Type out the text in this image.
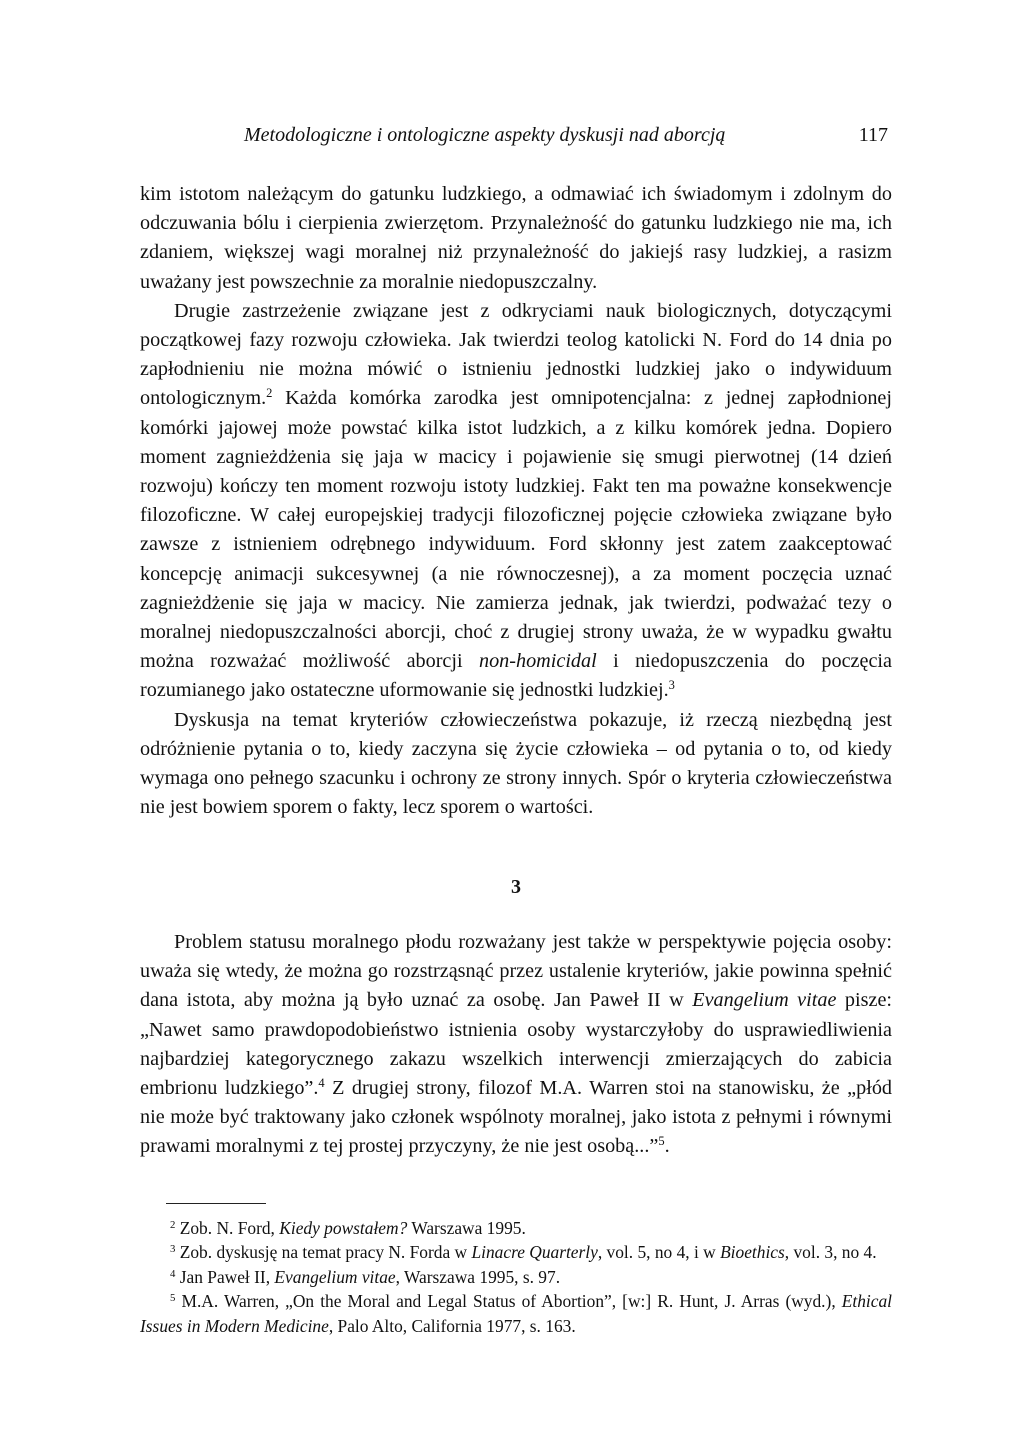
Metodologiczne i ontologiczne aspekty dyskusji nad aborcją	117

kim istotom należącym do gatunku ludzkiego, a odmawiać ich świadomym i zdolnym do odczuwania bólu i cierpienia zwierzętom. Przynależność do gatunku ludzkiego nie ma, ich zdaniem, większej wagi moralnej niż przynależność do jakiejś rasy ludzkiej, a rasizm uważany jest powszechnie za moralnie niedopuszczalny.

Drugie zastrzeżenie związane jest z odkryciami nauk biologicznych, dotyczącymi początkowej fazy rozwoju człowieka. Jak twierdzi teolog katolicki N. Ford do 14 dnia po zapłodnieniu nie można mówić o istnieniu jednostki ludzkiej jako o indywiduum ontologicznym.$^2$ Każda komórka zarodka jest omnipotencjalna: z jednej zapłodnionej komórki jajowej może powstać kilka istot ludzkich, a z kilku komórek jedna. Dopiero moment zagnieżdżenia się jaja w macicy i pojawienie się smugi pierwotnej (14 dzień rozwoju) kończy ten moment rozwoju istoty ludzkiej. Fakt ten ma poważne konsekwencje filozoficzne. W całej europejskiej tradycji filozoficznej pojęcie człowieka związane było zawsze z istnieniem odrębnego indywiduum. Ford skłonny jest zatem zaakceptować koncepcję animacji sukcesywnej (a nie równoczesnej), a za moment poczęcia uznać zagnieżdżenie się jaja w macicy. Nie zamierza jednak, jak twierdzi, podważać tezy o moralnej niedopuszczalności aborcji, choć z drugiej strony uważa, że w wypadku gwałtu można rozważać możliwość aborcji non-homicidal i niedopuszczenia do poczęcia rozumianego jako ostateczne uformowanie się jednostki ludzkiej.$^3$

Dyskusja na temat kryteriów człowieczeństwa pokazuje, iż rzeczą niezbędną jest odróżnienie pytania o to, kiedy zaczyna się życie człowieka – od pytania o to, od kiedy wymaga ono pełnego szacunku i ochrony ze strony innych. Spór o kryteria człowieczeństwa nie jest bowiem sporem o fakty, lecz sporem o wartości.

3

Problem statusu moralnego płodu rozważany jest także w perspektywie pojęcia osoby: uważa się wtedy, że można go rozstrząsnąć przez ustalenie kryteriów, jakie powinna spełnić dana istota, aby można ją było uznać za osobę. Jan Paweł II w Evangelium vitae pisze: „Nawet samo prawdopodobieństwo istnienia osoby wystarczyłoby do usprawiedliwienia najbardziej kategorycznego zakazu wszelkich interwencji zmierzających do zabicia embrionu ludzkiego”.$^4$ Z drugiej strony, filozof M.A. Warren stoi na stanowisku, że „płód nie może być traktowany jako członek wspólnoty moralnej, jako istota z pełnymi i równymi prawami moralnymi z tej prostej przyczyny, że nie jest osobą...”$^5$.

$^2$ Zob. N. Ford, Kiedy powstałem? Warszawa 1995.

$^3$ Zob. dyskusję na temat pracy N. Forda w Linacre Quarterly, vol. 5, no 4, i w Bioethics, vol. 3, no 4.

$^4$ Jan Paweł II, Evangelium vitae, Warszawa 1995, s. 97.

$^5$ M.A. Warren, „On the Moral and Legal Status of Abortion”, [w:] R. Hunt, J. Arras (wyd.), Ethical Issues in Modern Medicine, Palo Alto, California 1977, s. 163.
